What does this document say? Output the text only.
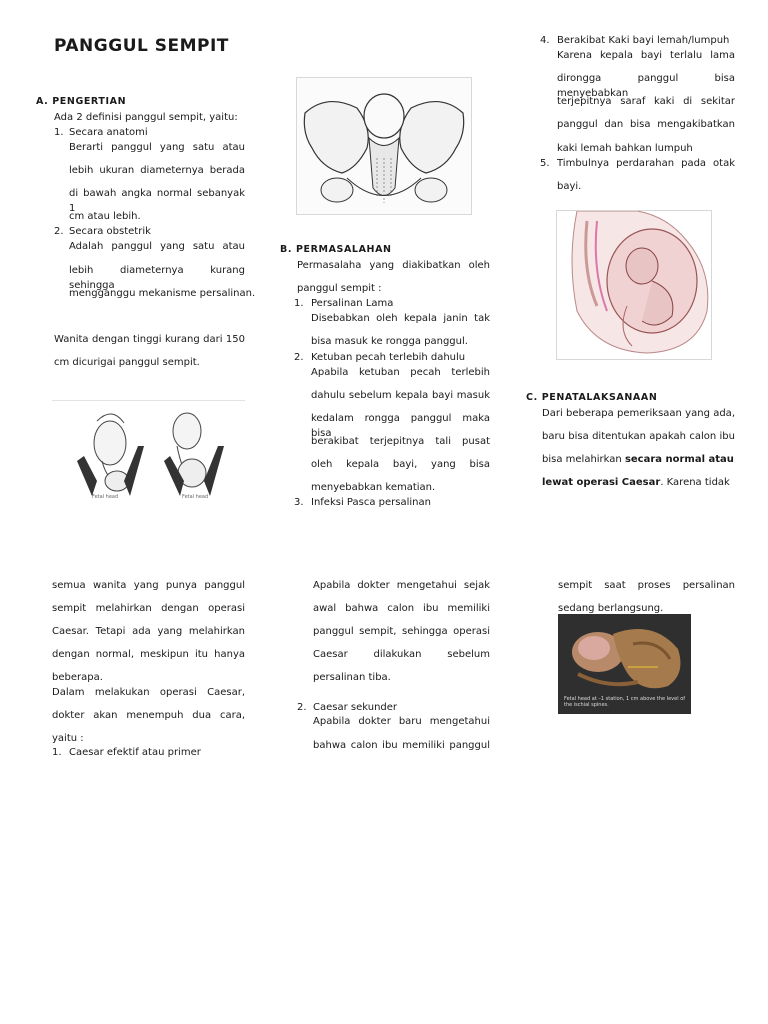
PANGGUL SEMPIT
A. PENGERTIAN
Ada 2 definisi panggul sempit, yaitu:
1. Secara anatomi
Berarti panggul yang satu atau
lebih ukuran diameternya berada
di bawah angka normal sebanyak 1
cm atau lebih.
2. Secara obstetrik
Adalah panggul yang satu atau
lebih diameternya kurang sehingga
mengganggu mekanisme persalinan.
Wanita dengan tinggi kurang dari 150
cm dicurigai panggul sempit.
Fetal head	Fetal head
B. PERMASALAHAN
Permasalaha yang diakibatkan oleh
panggul sempit :
1. Persalinan Lama
Disebabkan oleh kepala janin tak
bisa masuk ke rongga panggul.
2. Ketuban pecah terlebih dahulu
Apabila ketuban pecah terlebih
dahulu sebelum kepala bayi masuk
kedalam rongga panggul maka bisa
berakibat terjepitnya tali pusat
oleh kepala bayi, yang bisa
menyebabkan kematian.
3. Infeksi Pasca persalinan
4. Berakibat Kaki bayi lemah/lumpuh
Karena kepala bayi terlalu lama
dirongga panggul bisa menyebabkan
terjepitnya saraf kaki di sekitar
panggul dan bisa mengakibatkan
kaki lemah bahkan lumpuh
5. Timbulnya perdarahan pada otak
bayi.
C. PENATALAKSANAAN
Dari beberapa pemeriksaan yang ada,
baru bisa ditentukan apakah calon ibu
bisa melahirkan secara normal atau
lewat operasi Caesar. Karena tidak
semua wanita yang punya panggul
sempit melahirkan dengan operasi
Caesar. Tetapi ada yang melahirkan
dengan normal, meskipun itu hanya
beberapa.
Dalam melakukan operasi Caesar,
dokter akan menempuh dua cara,
yaitu :
1. Caesar efektif atau primer
Apabila dokter mengetahui sejak
awal bahwa calon ibu memiliki
panggul sempit, sehingga operasi
Caesar dilakukan sebelum
persalinan tiba.
2. Caesar sekunder
Apabila dokter baru mengetahui
bahwa calon ibu memiliki panggul
sempit saat proses persalinan
sedang berlangsung.
Fetal head at –1 station, 1 cm above the level of the ischial spines.
